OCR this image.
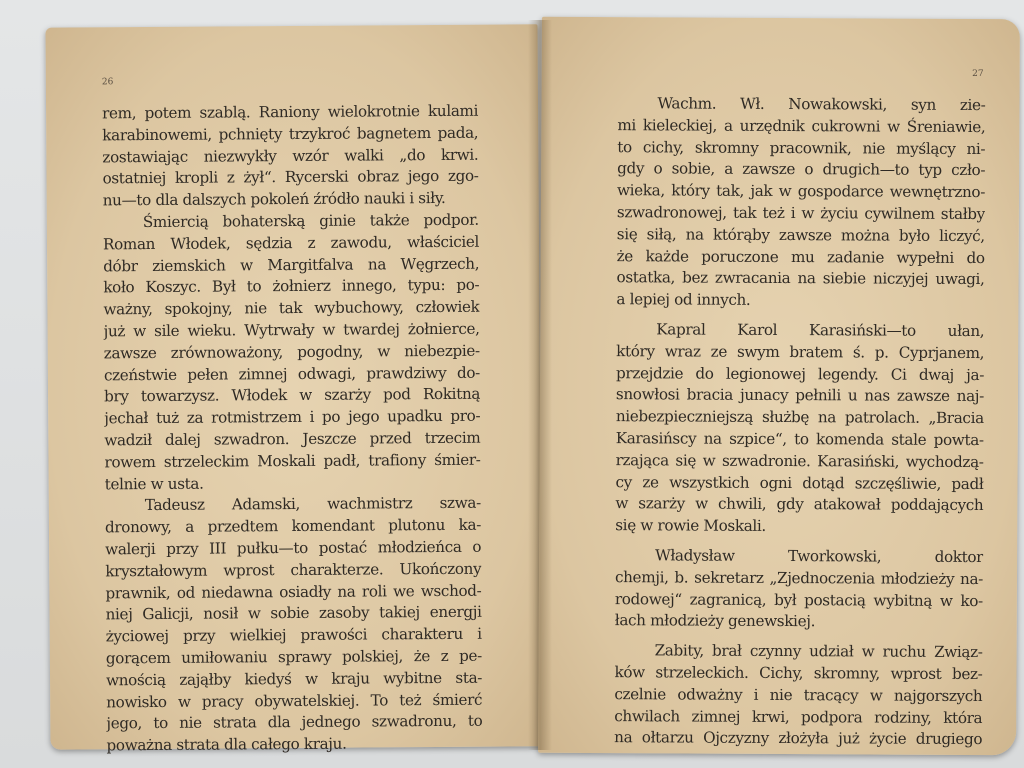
26
rem, potem szablą. Raniony wielokrotnie kulami
karabinowemi, pchnięty trzykroć bagnetem pada,
zostawiając niezwykły wzór walki „do krwi.
ostatniej kropli z żył“. Rycerski obraz jego zgo-
nu—to dla dalszych pokoleń źródło nauki i siły.
Śmiercią bohaterską ginie także podpor.
Roman Włodek, sędzia z zawodu, właściciel
dóbr ziemskich w Margitfalva na Węgrzech,
koło Koszyc. Był to żołnierz innego, typu: po-
ważny, spokojny, nie tak wybuchowy, człowiek
już w sile wieku. Wytrwały w twardej żołnierce,
zawsze zrównoważony, pogodny, w niebezpie-
czeństwie pełen zimnej odwagi, prawdziwy do-
bry towarzysz. Włodek w szarży pod Rokitną
jechał tuż za rotmistrzem i po jego upadku pro-
wadził dalej szwadron. Jeszcze przed trzecim
rowem strzeleckim Moskali padł, trafiony śmier-
telnie w usta.
Tadeusz Adamski, wachmistrz szwa-
dronowy, a przedtem komendant plutonu ka-
walerji przy III pułku—to postać młodzieńca o
kryształowym wprost charakterze. Ukończony
prawnik, od niedawna osiadły na roli we wschod-
niej Galicji, nosił w sobie zasoby takiej energji
życiowej przy wielkiej prawości charakteru i
gorącem umiłowaniu sprawy polskiej, że z pe-
wnością zająłby kiedyś w kraju wybitne sta-
nowisko w pracy obywatelskiej. To też śmierć
jego, to nie strata dla jednego szwadronu, to
poważna strata dla całego kraju.
27
Wachm. Wł. Nowakowski, syn zie-
mi kieleckiej, a urzędnik cukrowni w Śreniawie,
to cichy, skromny pracownik, nie myślący ni-
gdy o sobie, a zawsze o drugich—to typ czło-
wieka, który tak, jak w gospodarce wewnętrzno-
szwadronowej, tak też i w życiu cywilnem stałby
się siłą, na którąby zawsze można było liczyć,
że każde poruczone mu zadanie wypełni do
ostatka, bez zwracania na siebie niczyjej uwagi,
a lepiej od innych.
Kapral Karol Karasiński—to ułan,
który wraz ze swym bratem ś. p. Cyprjanem,
przejdzie do legionowej legendy. Ci dwaj ja-
snowłosi bracia junacy pełnili u nas zawsze naj-
niebezpieczniejszą służbę na patrolach. „Bracia
Karasińscy na szpice“, to komenda stale powta-
rzająca się w szwadronie. Karasiński, wychodzą-
cy ze wszystkich ogni dotąd szczęśliwie, padł
w szarży w chwili, gdy atakował poddających
się w rowie Moskali.
Władysław Tworkowski, doktor
chemji, b. sekretarz „Zjednoczenia młodzieży na-
rodowej“ zagranicą, był postacią wybitną w ko-
łach młodzieży genewskiej.
Zabity, brał czynny udział w ruchu Związ-
ków strzeleckich. Cichy, skromny, wprost bez-
czelnie odważny i nie tracący w najgorszych
chwilach zimnej krwi, podpora rodziny, która
na ołtarzu Ojczyzny złożyła już życie drugiego
